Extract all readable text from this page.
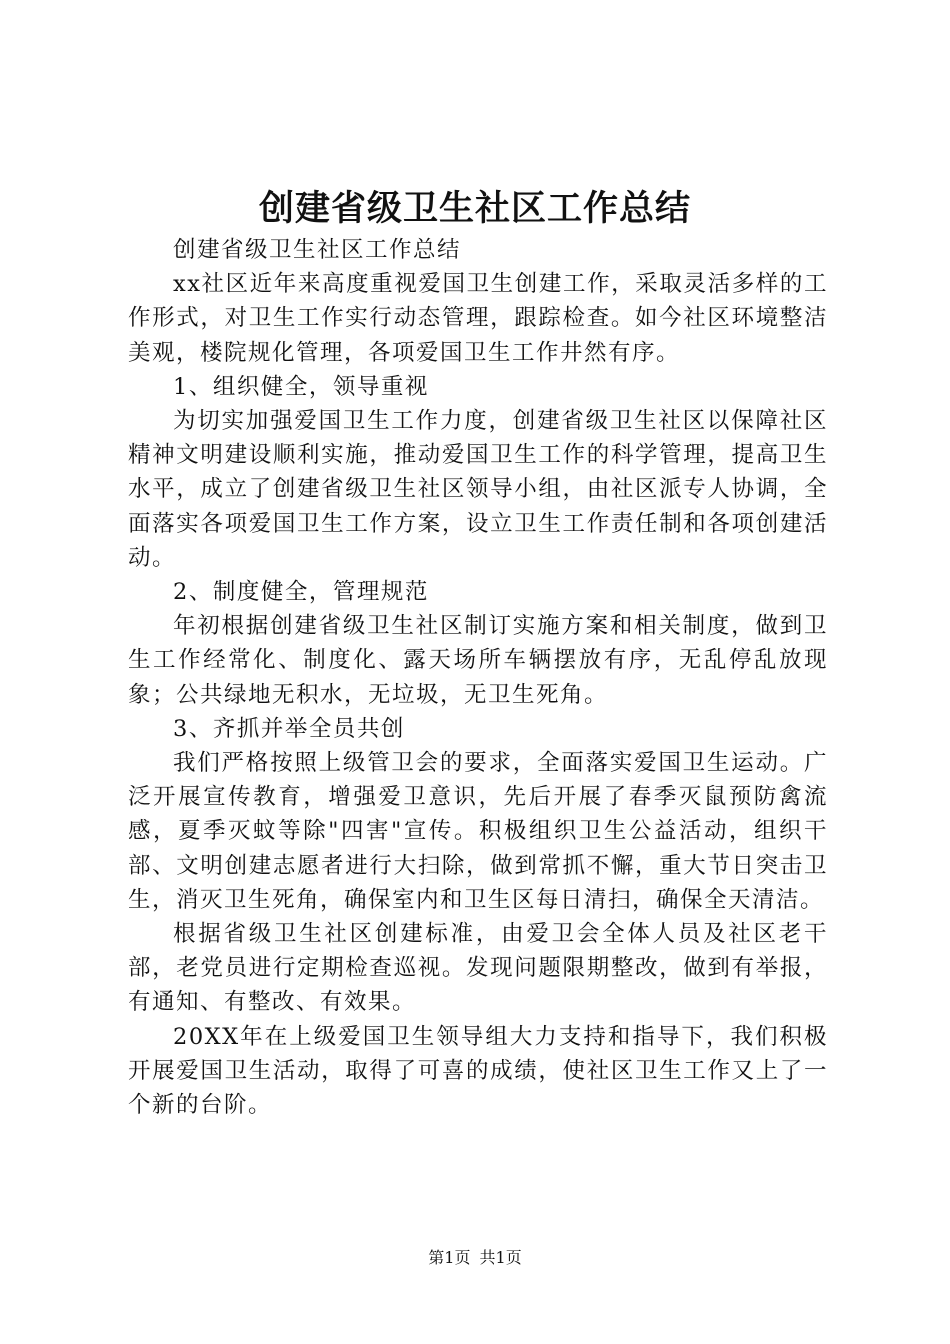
创建省级卫生社区工作总结

创建省级卫生社区工作总结

xx社区近年来高度重视爱国卫生创建工作，采取灵活多样的工作形式，对卫生工作实行动态管理，跟踪检查。如今社区环境整洁美观，楼院规化管理，各项爱国卫生工作井然有序。

1、组织健全，领导重视

为切实加强爱国卫生工作力度，创建省级卫生社区以保障社区精神文明建设顺利实施，推动爱国卫生工作的科学管理，提高卫生水平，成立了创建省级卫生社区领导小组，由社区派专人协调，全面落实各项爱国卫生工作方案，设立卫生工作责任制和各项创建活动。

2、制度健全，管理规范

年初根据创建省级卫生社区制订实施方案和相关制度，做到卫生工作经常化、制度化、露天场所车辆摆放有序，无乱停乱放现象；公共绿地无积水，无垃圾，无卫生死角。

3、齐抓并举全员共创

我们严格按照上级管卫会的要求，全面落实爱国卫生运动。广泛开展宣传教育，增强爱卫意识，先后开展了春季灭鼠预防禽流感，夏季灭蚊等除"四害"宣传。积极组织卫生公益活动，组织干部、文明创建志愿者进行大扫除，做到常抓不懈，重大节日突击卫生，消灭卫生死角，确保室内和卫生区每日清扫，确保全天清洁。

根据省级卫生社区创建标准，由爱卫会全体人员及社区老干部，老党员进行定期检查巡视。发现问题限期整改，做到有举报，有通知、有整改、有效果。

20XX年在上级爱国卫生领导组大力支持和指导下，我们积极开展爱国卫生活动，取得了可喜的成绩，使社区卫生工作又上了一个新的台阶。

第1页 共1页
